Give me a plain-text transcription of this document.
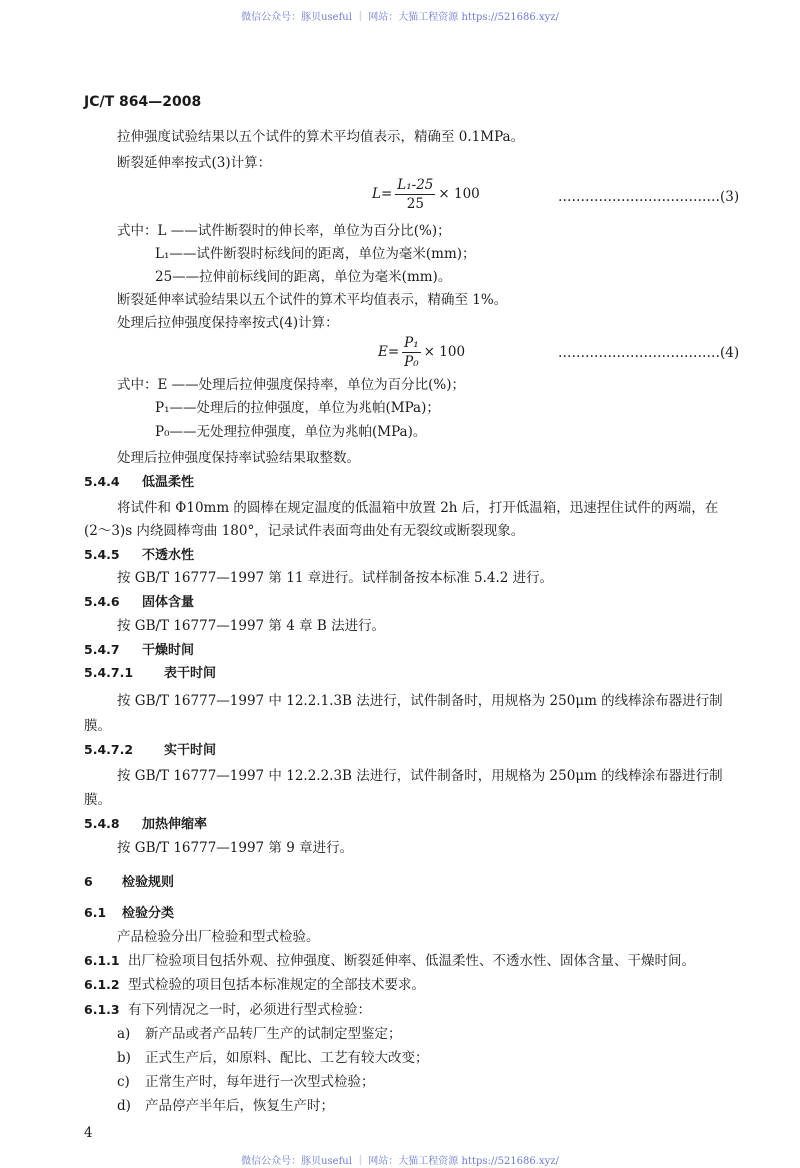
微信公众号：豚贝useful ｜ 网站：大猫工程资源 https://521686.xyz/
JC/T 864—2008
拉伸强度试验结果以五个试件的算术平均值表示，精确至 0.1MPa。
断裂延伸率按式(3)计算：
$L= \frac{\text{L₁-25}}{25} \times 100$	………………………………(3)
式中：L ——试件断裂时的伸长率，单位为百分比(%)；
L₁——试件断裂时标线间的距离，单位为毫米(mm)；
25——拉伸前标线间的距离，单位为毫米(mm)。
断裂延伸率试验结果以五个试件的算术平均值表示，精确至 1%。
处理后拉伸强度保持率按式(4)计算：
$E= \frac{\text{P₁}}{\text{P₀}} \times 100$	………………………………(4)
式中：E ——处理后拉伸强度保持率，单位为百分比(%)；
P₁——处理后的拉伸强度，单位为兆帕(MPa)；
P₀——无处理拉伸强度，单位为兆帕(MPa)。
处理后拉伸强度保持率试验结果取整数。
5.4.4 低温柔性
将试件和 Φ10mm 的圆棒在规定温度的低温箱中放置 2h 后，打开低温箱，迅速捏住试件的两端，在
(2～3)s 内绕圆棒弯曲 180°，记录试件表面弯曲处有无裂纹或断裂现象。
5.4.5 不透水性
按 GB/T 16777—1997 第 11 章进行。试样制备按本标准 5.4.2 进行。
5.4.6 固体含量
按 GB/T 16777—1997 第 4 章 B 法进行。
5.4.7 干燥时间
5.4.7.1 表干时间
按 GB/T 16777—1997 中 12.2.1.3B 法进行，试件制备时，用规格为 250μm 的线棒涂布器进行制
膜。
5.4.7.2 实干时间
按 GB/T 16777—1997 中 12.2.2.3B 法进行，试件制备时，用规格为 250μm 的线棒涂布器进行制
膜。
5.4.8 加热伸缩率
按 GB/T 16777—1997 第 9 章进行。
6 检验规则
6.1 检验分类
产品检验分出厂检验和型式检验。
6.1.1 出厂检验项目包括外观、拉伸强度、断裂延伸率、低温柔性、不透水性、固体含量、干燥时间。
6.1.2 型式检验的项目包括本标准规定的全部技术要求。
6.1.3 有下列情况之一时，必须进行型式检验：
a) 新产品或者产品转厂生产的试制定型鉴定；
b) 正式生产后，如原料、配比、工艺有较大改变；
c) 正常生产时，每年进行一次型式检验；
d) 产品停产半年后，恢复生产时；
4
微信公众号：豚贝useful ｜ 网站：大猫工程资源 https://521686.xyz/
